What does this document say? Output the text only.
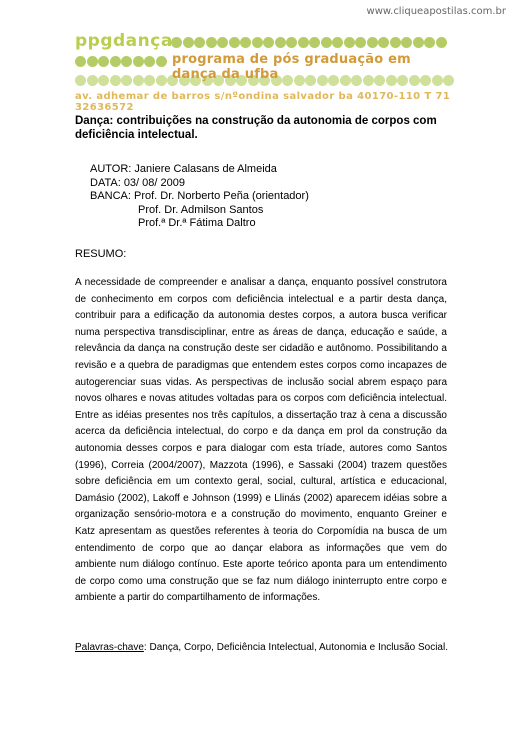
www.cliqueapostilas.com.br
ppgdança
programa de pós graduação em dança da ufba
av. adhemar de barros s/nºondina salvador ba 40170-110 T 71 32636572
Dança: contribuições na construção da autonomia de corpos com deficiência intelectual.
AUTOR: Janiere Calasans de Almeida
DATA: 03/ 08/ 2009
BANCA: Prof. Dr. Norberto Peña (orientador)
Prof. Dr. Admilson Santos
Prof.ª Dr.ª Fátima Daltro
RESUMO:
A necessidade de compreender e analisar a dança, enquanto possível construtora de conhecimento em corpos com deficiência intelectual e a partir desta dança, contribuir para a edificação da autonomia destes corpos, a autora busca verificar numa perspectiva transdisciplinar, entre as áreas de dança, educação e saúde, a relevância da dança na construção deste ser cidadão e autônomo. Possibilitando a revisão e a quebra de paradigmas que entendem estes corpos como incapazes de autogerenciar suas vidas. As perspectivas de inclusão social abrem espaço para novos olhares e novas atitudes voltadas para os corpos com deficiência intelectual. Entre as idéias presentes nos três capítulos, a dissertação traz à cena a discussão acerca da deficiência intelectual, do corpo e da dança em prol da construção da autonomia desses corpos e para dialogar com esta tríade, autores como Santos (1996), Correia (2004/2007), Mazzota (1996), e Sassaki (2004) trazem questões sobre deficiência em um contexto geral, social, cultural, artística e educacional, Damásio (2002), Lakoff e Johnson (1999) e Llinás (2002) aparecem idéias sobre a organização sensório-motora e a construção do movimento, enquanto Greiner e Katz apresentam as questões referentes à teoria do Corpomídia na busca de um entendimento de corpo que ao dançar elabora as informações que vem do ambiente num diálogo contínuo. Este aporte teórico aponta para um entendimento de corpo como uma construção que se faz num diálogo ininterrupto entre corpo e ambiente a partir do compartilhamento de informações.
Palavras-chave: Dança, Corpo, Deficiência Intelectual, Autonomia e Inclusão Social.
